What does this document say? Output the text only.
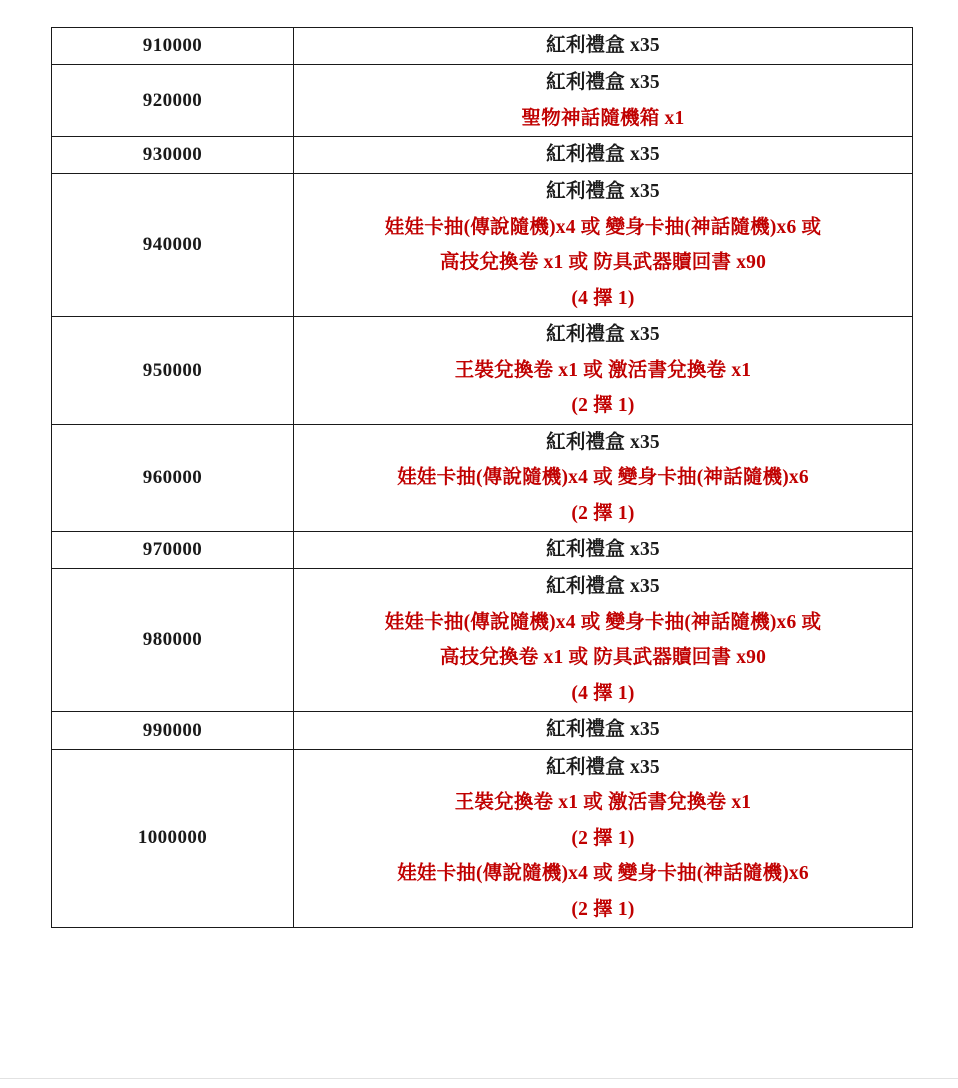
910000	紅利禮盒 x35

920000	紅利禮盒 x35
聖物神話隨機箱 x1

930000	紅利禮盒 x35

940000	紅利禮盒 x35
娃娃卡抽(傳說隨機)x4 或 變身卡抽(神話隨機)x6 或
高技兌換卷 x1 或 防具武器贖回書 x90
(4 擇 1)

950000	紅利禮盒 x35
王裝兌換卷 x1 或 激活書兌換卷 x1
(2 擇 1)

960000	紅利禮盒 x35
娃娃卡抽(傳說隨機)x4 或 變身卡抽(神話隨機)x6
(2 擇 1)

970000	紅利禮盒 x35

980000	紅利禮盒 x35
娃娃卡抽(傳說隨機)x4 或 變身卡抽(神話隨機)x6 或
高技兌換卷 x1 或 防具武器贖回書 x90
(4 擇 1)

990000	紅利禮盒 x35

1000000	紅利禮盒 x35
王裝兌換卷 x1 或 激活書兌換卷 x1
(2 擇 1)
娃娃卡抽(傳說隨機)x4 或 變身卡抽(神話隨機)x6
(2 擇 1)
